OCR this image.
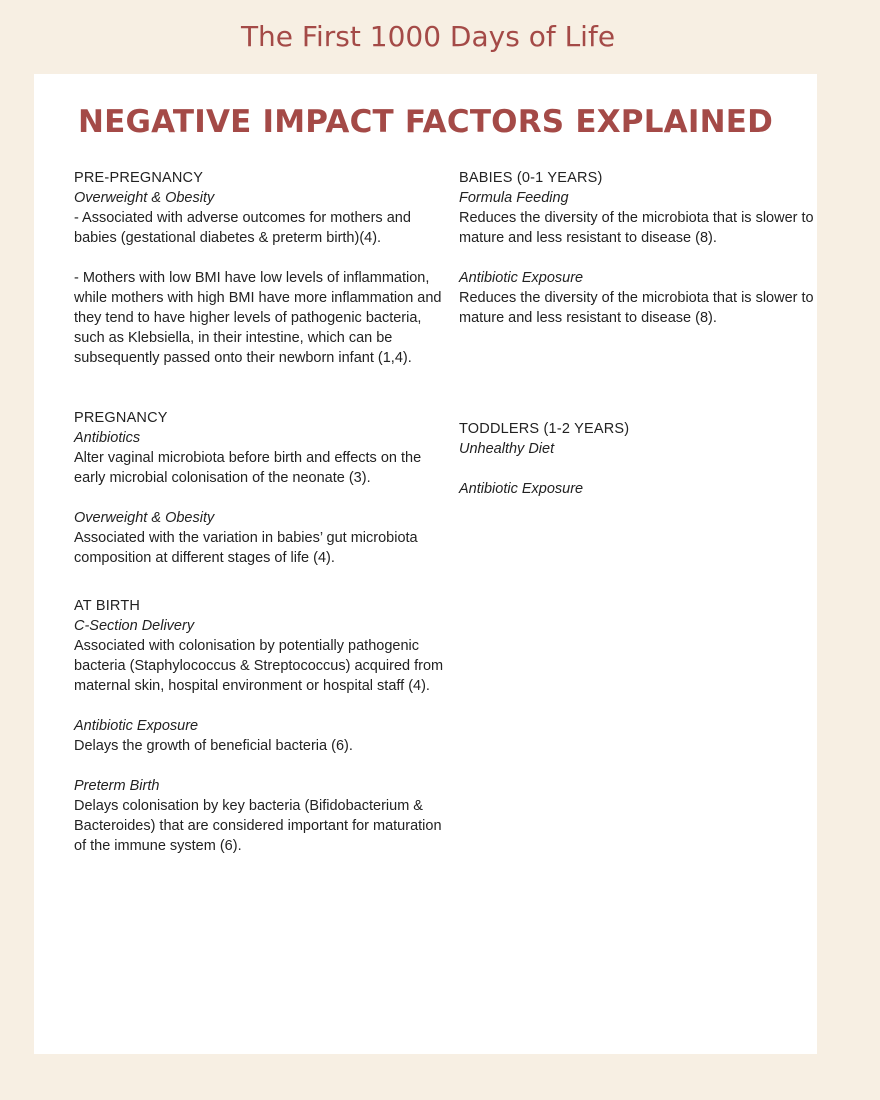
The First 1000 Days of Life
NEGATIVE IMPACT FACTORS EXPLAINED

PRE-PREGNANCY

Overweight & Obesity

- Associated with adverse outcomes for mothers and babies (gestational diabetes & preterm birth)(4).

- Mothers with low BMI have low levels of inflammation, while mothers with high BMI have more inflammation and they tend to have higher levels of pathogenic bacteria, such as Klebsiella, in their intestine, which can be subsequently passed onto their newborn infant (1,4).

PREGNANCY

Antibiotics

Alter vaginal microbiota before birth and effects on the early microbial colonisation of the neonate (3).

Overweight & Obesity

Associated with the variation in babies’ gut microbiota composition at different stages of life (4).

AT BIRTH

C-Section Delivery

Associated with colonisation by potentially pathogenic bacteria (Staphylococcus & Streptococcus) acquired from maternal skin, hospital environment or hospital staff (4).

Antibiotic Exposure

Delays the growth of beneficial bacteria (6).

Preterm Birth

Delays colonisation by key bacteria (Bifidobacterium & Bacteroides) that are considered important for maturation of the immune system (6).

BABIES (0-1 YEARS)

Formula Feeding

Reduces the diversity of the microbiota that is slower to mature and less resistant to disease (8).

Antibiotic Exposure

Reduces the diversity of the microbiota that is slower to mature and less resistant to disease (8).

TODDLERS (1-2 YEARS)

Unhealthy Diet

Antibiotic Exposure
